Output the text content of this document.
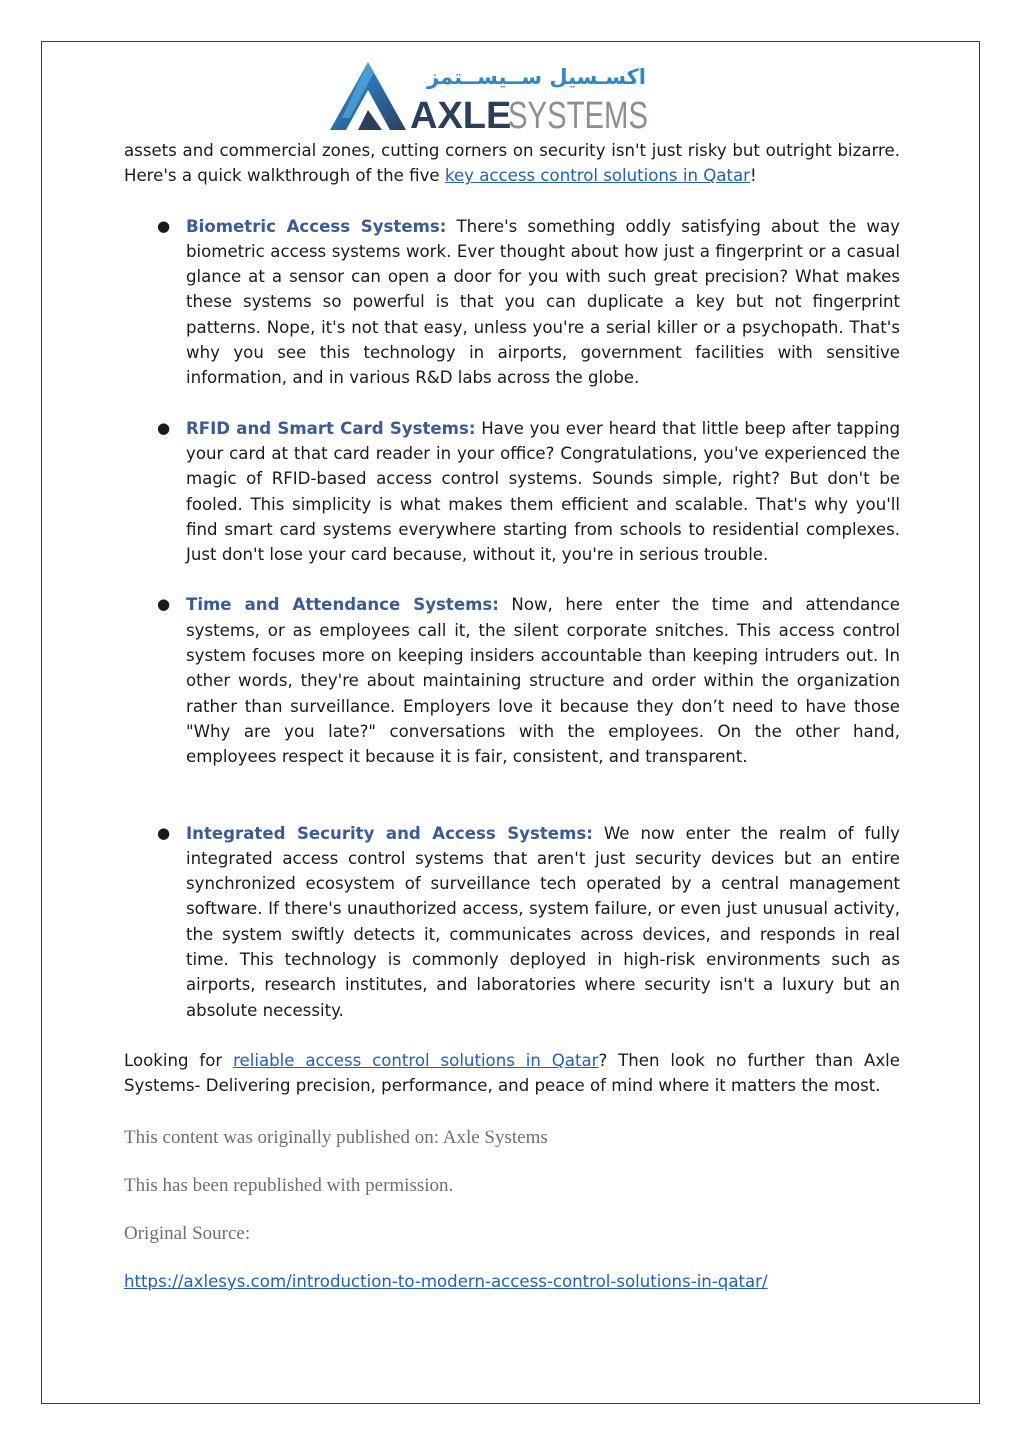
اكسـسيل ســيســتمز
AXLE
SYSTEMS

assets and commercial zones, cutting corners on security isn't just risky but outright bizarre. Here's a quick walkthrough of the five key access control solutions in Qatar!

● Biometric Access Systems: There's something oddly satisfying about the way biometric access systems work. Ever thought about how just a fingerprint or a casual glance at a sensor can open a door for you with such great precision? What makes these systems so powerful is that you can duplicate a key but not fingerprint patterns. Nope, it's not that easy, unless you're a serial killer or a psychopath. That's why you see this technology in airports, government facilities with sensitive information, and in various R&D labs across the globe.
● RFID and Smart Card Systems: Have you ever heard that little beep after tapping your card at that card reader in your office? Congratulations, you've experienced the magic of RFID-based access control systems. Sounds simple, right? But don't be fooled. This simplicity is what makes them efficient and scalable. That's why you'll find smart card systems everywhere starting from schools to residential complexes. Just don't lose your card because, without it, you're in serious trouble.
● Time and Attendance Systems: Now, here enter the time and attendance systems, or as employees call it, the silent corporate snitches. This access control system focuses more on keeping insiders accountable than keeping intruders out. In other words, they're about maintaining structure and order within the organization rather than surveillance. Employers love it because they don’t need to have those "Why are you late?" conversations with the employees. On the other hand, employees respect it because it is fair, consistent, and transparent.
● Integrated Security and Access Systems: We now enter the realm of fully integrated access control systems that aren't just security devices but an entire synchronized ecosystem of surveillance tech operated by a central management software. If there's unauthorized access, system failure, or even just unusual activity, the system swiftly detects it, communicates across devices, and responds in real time. This technology is commonly deployed in high-risk environments such as airports, research institutes, and laboratories where security isn't a luxury but an absolute necessity.

Looking for reliable access control solutions in Qatar? Then look no further than Axle Systems- Delivering precision, performance, and peace of mind where it matters the most.

This content was originally published on: Axle Systems
This has been republished with permission.
Original Source:
https://axlesys.com/introduction-to-modern-access-control-solutions-in-qatar/
